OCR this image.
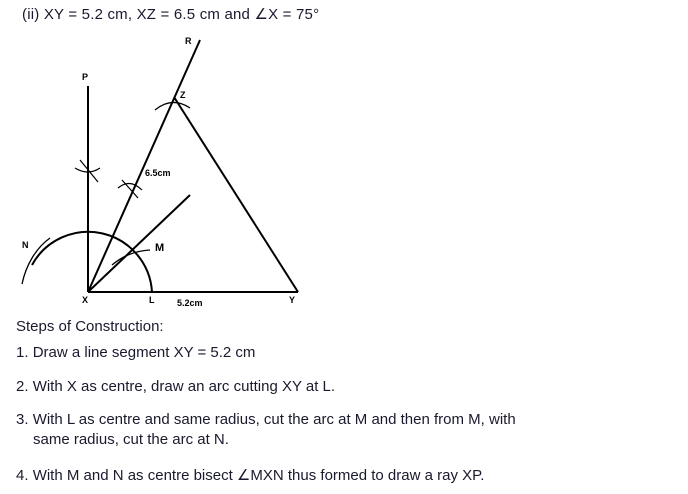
(ii) XY = 5.2 cm, XZ = 6.5 cm and ∠X = 75°
R
P
Z
N	M
X	L	Y
6.5cm
5.2cm
Steps of Construction:
1. Draw a line segment XY = 5.2 cm
2. With X as centre, draw an arc cutting XY at L.
3. With L as centre and same radius, cut the arc at M and then from M, with
same radius, cut the arc at N.
4. With M and N as centre bisect ∠MXN thus formed to draw a ray XP.
